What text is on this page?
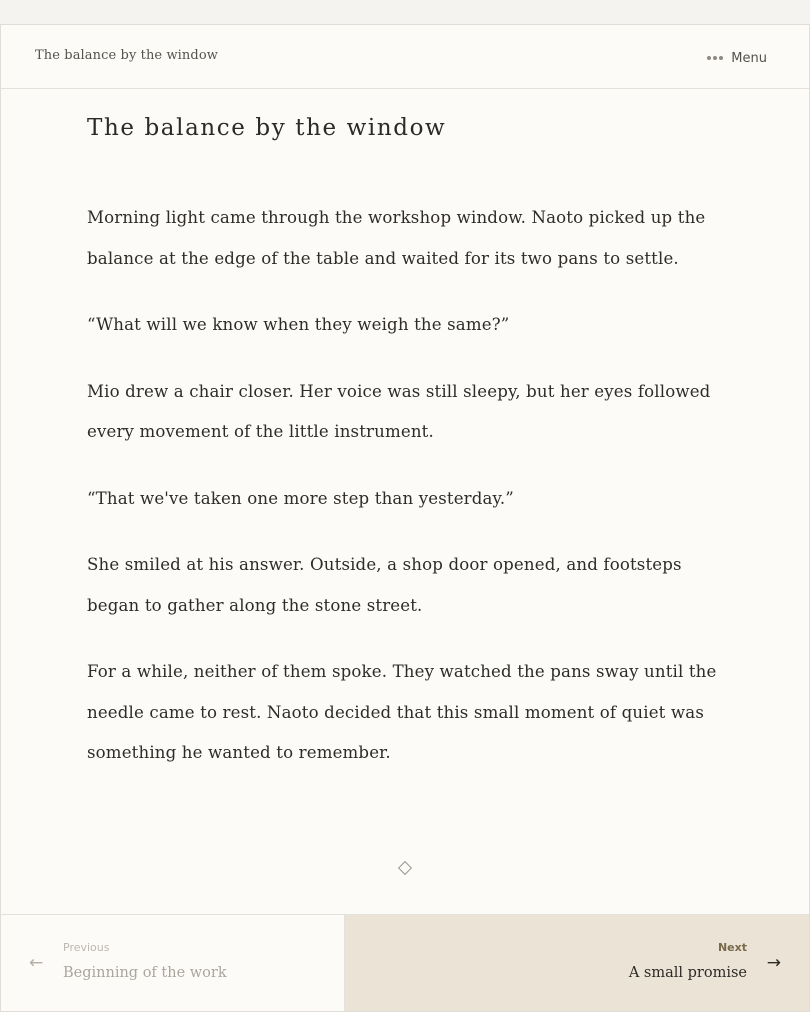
The balance by the window	Menu
The balance by the window

Morning light came through the workshop window. Naoto picked up the balance at the edge of the table and waited for its two pans to settle.

“What will we know when they weigh the same?”

Mio drew a chair closer. Her voice was still sleepy, but her eyes followed every movement of the little instrument.

“That we've taken one more step than yesterday.”

She smiled at his answer. Outside, a shop door opened, and footsteps began to gather along the stone street.

For a while, neither of them spoke. They watched the pans sway until the needle came to rest. Naoto decided that this small moment of quiet was something he wanted to remember.

←
Previous
Beginning of the work
Next
A small promise →
